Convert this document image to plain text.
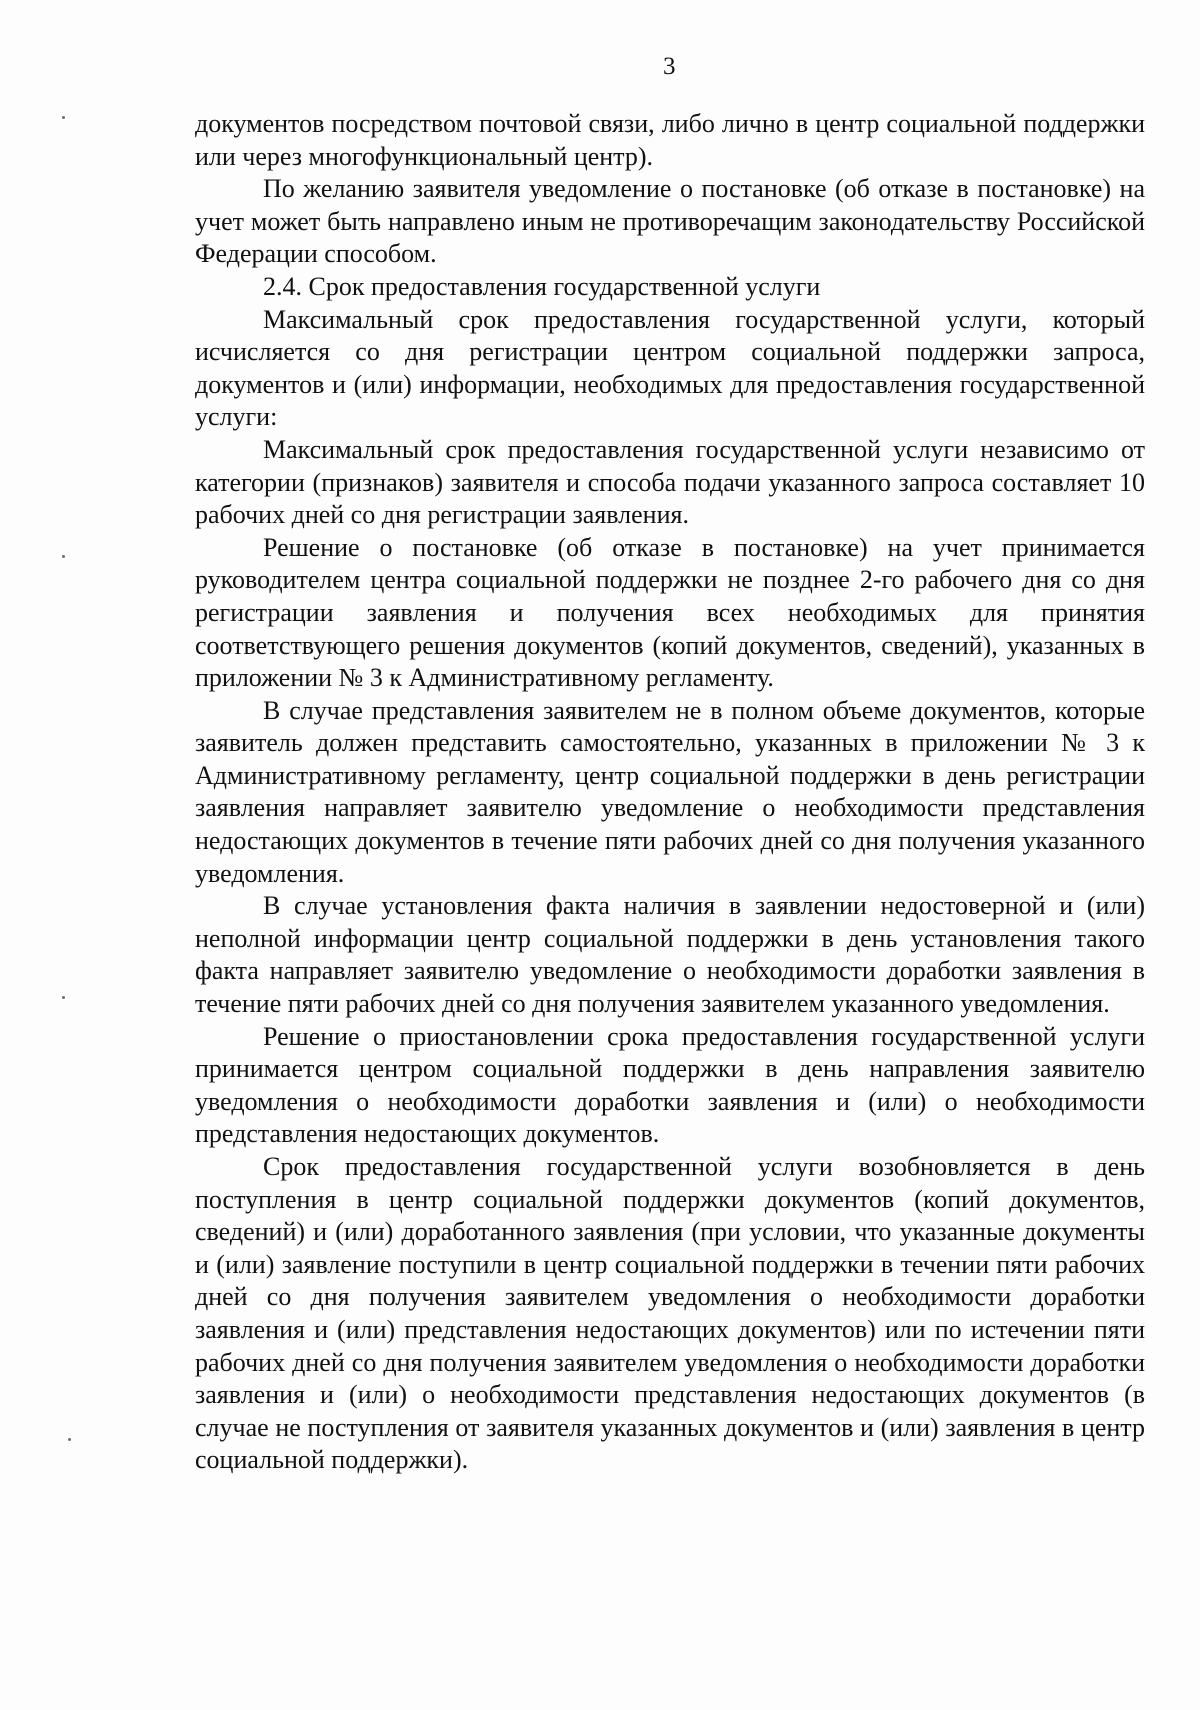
3

документов посредством почтовой связи, либо лично в центр социальной поддержки или через многофункциональный центр).

По желанию заявителя уведомление о постановке (об отказе в постановке) на учет может быть направлено иным не противоречащим законодательству Российской Федерации способом.

2.4. Срок предоставления государственной услуги

Максимальный срок предоставления государственной услуги, который исчисляется со дня регистрации центром социальной поддержки запроса, документов и (или) информации, необходимых для предоставления государственной услуги:

Максимальный срок предоставления государственной услуги независимо от категории (признаков) заявителя и способа подачи указанного запроса составляет 10 рабочих дней со дня регистрации заявления.

Решение о постановке (об отказе в постановке) на учет принимается руководителем центра социальной поддержки не позднее 2-го рабочего дня со дня регистрации заявления и получения всех необходимых для принятия соответствующего решения документов (копий документов, сведений), указанных в приложении № 3 к Административному регламенту.

В случае представления заявителем не в полном объеме документов, которые заявитель должен представить самостоятельно, указанных в приложении № 3 к Административному регламенту, центр социальной поддержки в день регистрации заявления направляет заявителю уведомление о необходимости представления недостающих документов в течение пяти рабочих дней со дня получения указанного уведомления.

В случае установления факта наличия в заявлении недостоверной и (или) неполной информации центр социальной поддержки в день установления такого факта направляет заявителю уведомление о необходимости доработки заявления в течение пяти рабочих дней со дня получения заявителем указанного уведомления.

Решение о приостановлении срока предоставления государственной услуги принимается центром социальной поддержки в день направления заявителю уведомления о необходимости доработки заявления и (или) о необходимости представления недостающих документов.

Срок предоставления государственной услуги возобновляется в день поступления в центр социальной поддержки документов (копий документов, сведений) и (или) доработанного заявления (при условии, что указанные документы и (или) заявление поступили в центр социальной поддержки в течении пяти рабочих дней со дня получения заявителем уведомления о необходимости доработки заявления и (или) представления недостающих документов) или по истечении пяти рабочих дней со дня получения заявителем уведомления о необходимости доработки заявления и (или) о необходимости представления недостающих документов (в случае не поступления от заявителя указанных документов и (или) заявления в центр социальной поддержки).
